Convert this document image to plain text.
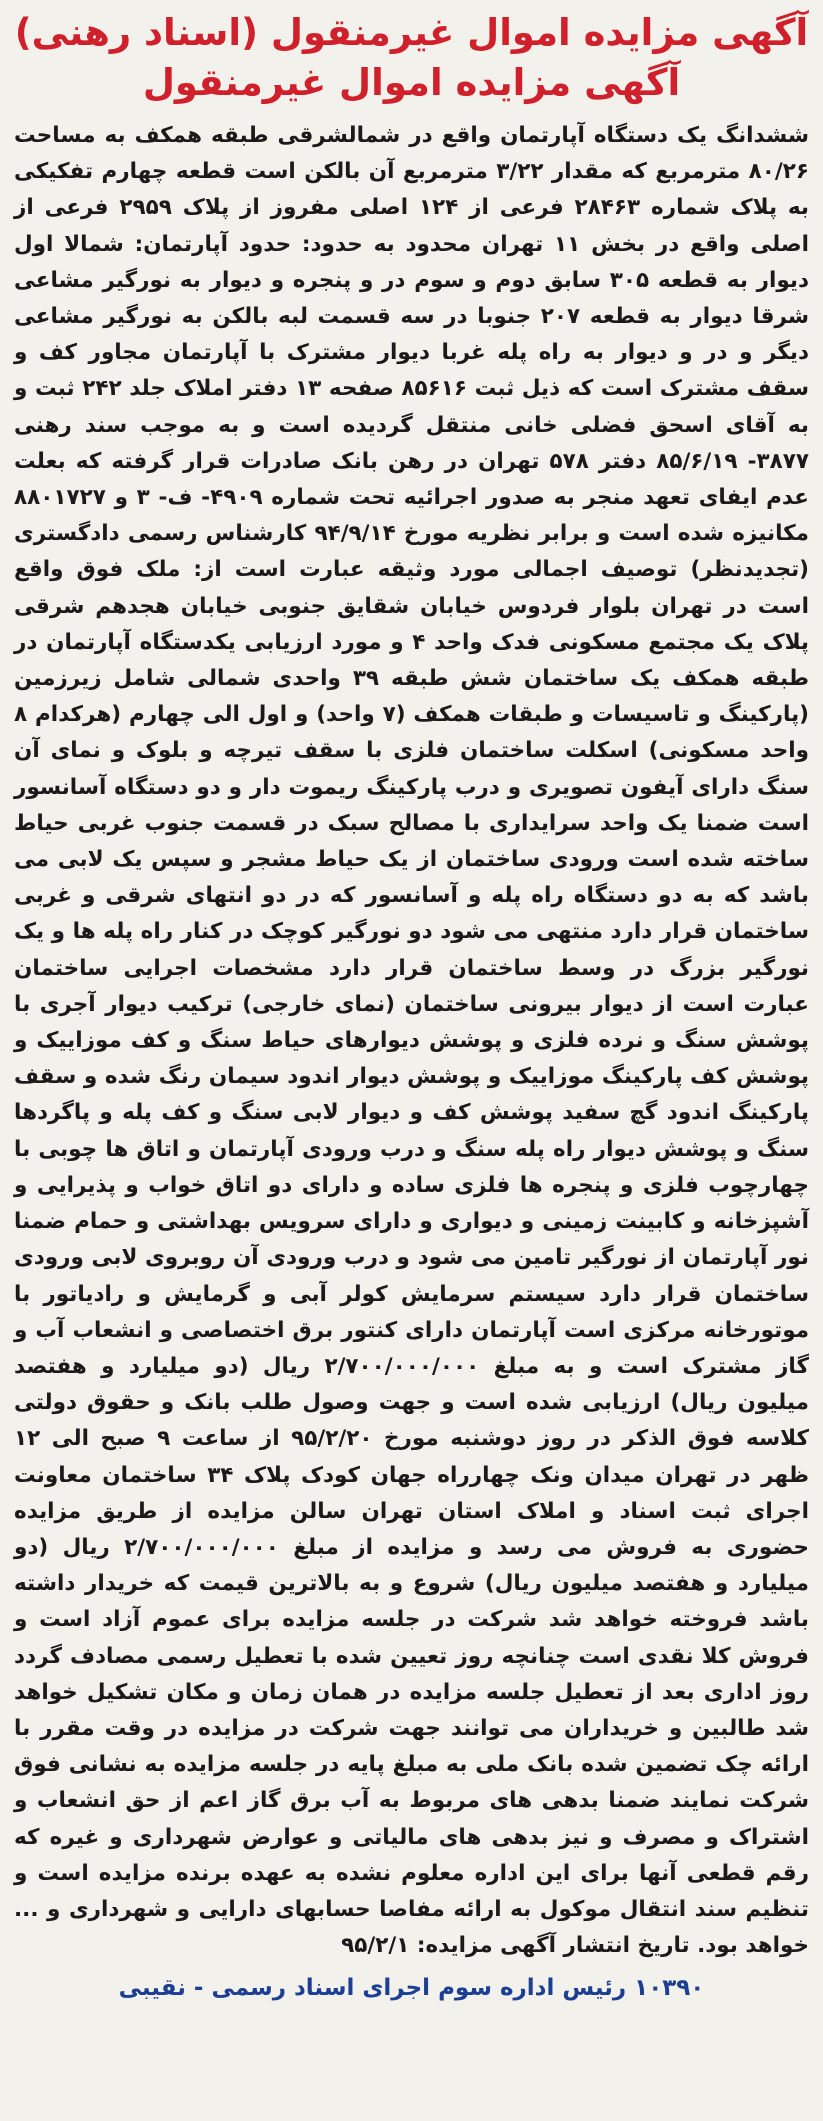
آگهی مزایده اموال غیرمنقول (اسناد رهنی)
آگهی مزایده اموال غیرمنقول

ششدانگ یک دستگاه آپارتمان واقع در شمالشرقی طبقه همکف به مساحت ۸۰/۲۶ مترمربع که مقدار ۳/۲۲ مترمربع آن بالکن است قطعه چهارم تفکیکی به پلاک شماره ۲۸۴۶۳ فرعی از ۱۲۴ اصلی مفروز از پلاک ۲۹۵۹ فرعی از اصلی واقع در بخش ۱۱ تهران محدود به حدود: حدود آپارتمان: شمالا اول دیوار به قطعه ۳۰۵ سابق دوم و سوم در و پنجره و دیوار به نورگیر مشاعی شرقا دیوار به قطعه ۲۰۷ جنوبا در سه قسمت لبه بالکن به نورگیر مشاعی دیگر و در و دیوار به راه پله غربا دیوار مشترک با آپارتمان مجاور کف و سقف مشترک است که ذیل ثبت ۸۵۶۱۶ صفحه ۱۳ دفتر املاک جلد ۲۴۲ ثبت و به آقای اسحق فضلی خانی منتقل گردیده است و به موجب سند رهنی ۳۸۷۷- ۸۵/۶/۱۹ دفتر ۵۷۸ تهران در رهن بانک صادرات قرار گرفته که بعلت عدم ایفای تعهد منجر به صدور اجرائیه تحت شماره ۴۹۰۹- ف- ۳ و ۸۸۰۱۷۲۷ مکانیزه شده است و برابر نظریه مورخ ۹۴/۹/۱۴ کارشناس رسمی دادگستری (تجدیدنظر) توصیف اجمالی مورد وثیقه عبارت است از: ملک فوق واقع است در تهران بلوار فردوس خیابان شقایق جنوبی خیابان هجدهم شرقی پلاک یک مجتمع مسکونی فدک واحد ۴ و مورد ارزیابی یکدستگاه آپارتمان در طبقه همکف یک ساختمان شش طبقه ۳۹ واحدی شمالی شامل زیرزمین (پارکینگ و تاسیسات و طبقات همکف (۷ واحد) و اول الی چهارم (هرکدام ۸ واحد مسکونی) اسکلت ساختمان فلزی با سقف تیرچه و بلوک و نمای آن سنگ دارای آیفون تصویری و درب پارکینگ ریموت دار و دو دستگاه آسانسور است ضمنا یک واحد سرایداری با مصالح سبک در قسمت جنوب غربی حیاط ساخته شده است ورودی ساختمان از یک حیاط مشجر و سپس یک لابی می باشد که به دو دستگاه راه پله و آسانسور که در دو انتهای شرقی و غربی ساختمان قرار دارد منتهی می شود دو نورگیر کوچک در کنار راه پله ها و یک نورگیر بزرگ در وسط ساختمان قرار دارد مشخصات اجرایی ساختمان عبارت است از دیوار بیرونی ساختمان (نمای خارجی) ترکیب دیوار آجری با پوشش سنگ و نرده فلزی و پوشش دیوارهای حیاط سنگ و کف موزاییک و پوشش کف پارکینگ موزاییک و پوشش دیوار اندود سیمان رنگ شده و سقف پارکینگ اندود گچ سفید پوشش کف و دیوار لابی سنگ و کف پله و پاگردها سنگ و پوشش دیوار راه پله سنگ و درب ورودی آپارتمان و اتاق ها چوبی با چهارچوب فلزی و پنجره ها فلزی ساده و دارای دو اتاق خواب و پذیرایی و آشپزخانه و کابینت زمینی و دیواری و دارای سرویس بهداشتی و حمام ضمنا نور آپارتمان از نورگیر تامین می شود و درب ورودی آن روبروی لابی ورودی ساختمان قرار دارد سیستم سرمایش کولر آبی و گرمایش و رادیاتور با موتورخانه مرکزی است آپارتمان دارای کنتور برق اختصاصی و انشعاب آب و گاز مشترک است و به مبلغ ۲/۷۰۰/۰۰۰/۰۰۰ ریال (دو میلیارد و هفتصد میلیون ریال) ارزیابی شده است و جهت وصول طلب بانک و حقوق دولتی کلاسه فوق الذکر در روز دوشنبه مورخ ۹۵/۲/۲۰ از ساعت ۹ صبح الی ۱۲ ظهر در تهران میدان ونک چهارراه جهان کودک پلاک ۳۴ ساختمان معاونت اجرای ثبت اسناد و املاک استان تهران سالن مزایده از طریق مزایده حضوری به فروش می رسد و مزایده از مبلغ ۲/۷۰۰/۰۰۰/۰۰۰ ریال (دو میلیارد و هفتصد میلیون ریال) شروع و به بالاترین قیمت که خریدار داشته باشد فروخته خواهد شد شرکت در جلسه مزایده برای عموم آزاد است و فروش کلا نقدی است چنانچه روز تعیین شده با تعطیل رسمی مصادف گردد روز اداری بعد از تعطیل جلسه مزایده در همان زمان و مکان تشکیل خواهد شد طالبین و خریداران می توانند جهت شرکت در مزایده در وقت مقرر با ارائه چک تضمین شده بانک ملی به مبلغ پایه در جلسه مزایده به نشانی فوق شرکت نمایند ضمنا بدهی های مربوط به آب برق گاز اعم از حق انشعاب و اشتراک و مصرف و نیز بدهی های مالیاتی و عوارض شهرداری و غیره که رقم قطعی آنها برای این اداره معلوم نشده به عهده برنده مزایده است و تنظیم سند انتقال موکول به ارائه مفاصا حسابهای دارایی و شهرداری و ... خواهد بود. تاریخ انتشار آگهی مزایده: ۹۵/۲/۱

۱۰۳۹۰ رئیس اداره سوم اجرای اسناد رسمی - نقیبی
